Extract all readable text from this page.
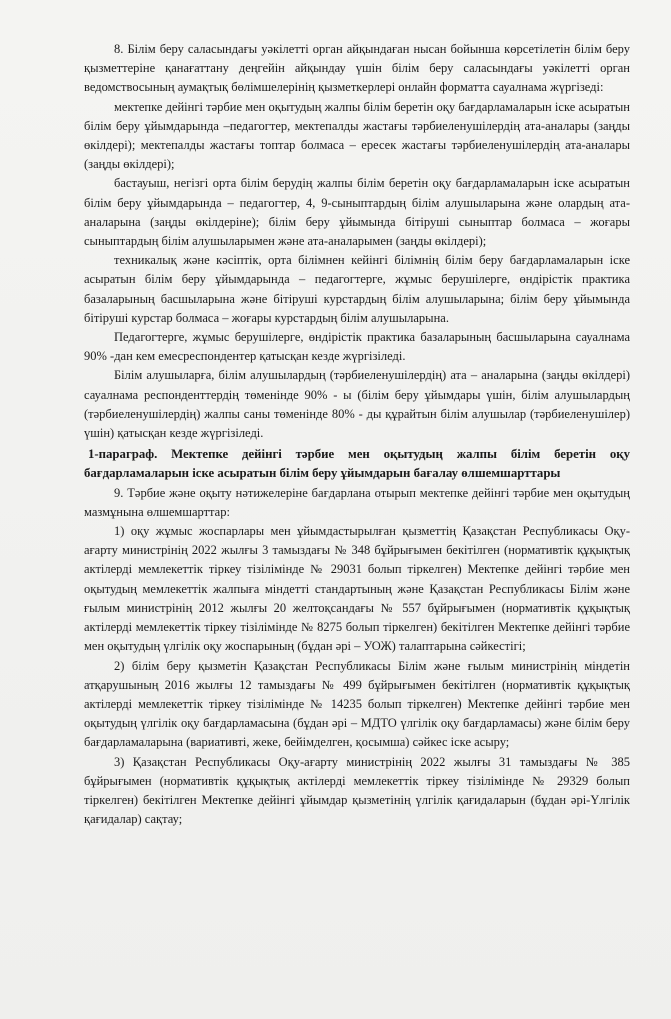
8. Білім беру саласындағы уәкілетті орган айқындаған нысан бойынша көрсетілетін білім беру қызметтеріне қанағаттану деңгейін айқындау үшін білім беру саласындағы уәкілетті орган ведомствосының аумақтық бөлімшелерінің қызметкерлері онлайн форматта сауалнама жүргізеді:

мектепке дейінгі тәрбие мен оқытудың жалпы білім беретін оқу бағдарламаларын іске асыратын білім беру ұйымдарында –педагогтер, мектепалды жастағы тәрбиеленушілердің ата-аналары (заңды өкілдері); мектепалды жастағы топтар болмаса – ересек жастағы тәрбиеленушілердің ата-аналары (заңды өкілдері);

бастауыш, негізгі орта білім берудің жалпы білім беретін оқу бағдарламаларын іске асыратын білім беру ұйымдарында – педагогтер, 4, 9-сыныптардың білім алушыларына және олардың ата-аналарына (заңды өкілдеріне); білім беру ұйымында бітіруші сыныптар болмаса – жоғары сыныптардың білім алушыларымен және ата-аналарымен (заңды өкілдері);

техникалық және кәсіптік, орта білімнен кейінгі білімнің білім беру бағдарламаларын іске асыратын білім беру ұйымдарында – педагогтерге, жұмыс берушілерге, өндірістік практика базаларының басшыларына және бітіруші курстардың білім алушыларына; білім беру ұйымында бітіруші курстар болмаса – жоғары курстардың білім алушыларына.

Педагогтерге, жұмыс берушілерге, өндірістік практика базаларының басшыларына сауалнама 90% -дан кем емесреспондентер қатысқан кезде жүргізіледі.

Білім алушыларға, білім алушылардың (тәрбиеленушілердің) ата – аналарына (заңды өкілдері) сауалнама респонденттердің төменінде 90% - ы (білім беру ұйымдары үшін, білім алушылардың (тәрбиеленушілердің) жалпы саны төменінде 80% - ды құрайтын білім алушылар (тәрбиеленушілер) үшін) қатысқан кезде жүргізіледі.

1-параграф. Мектепке дейінгі тәрбие мен оқытудың жалпы білім беретін оқу бағдарламаларын іске асыратын білім беру ұйымдарын бағалау өлшемшарттары

9. Тәрбие және оқыту нәтижелеріне бағдарлана отырып мектепке дейінгі тәрбие мен оқытудың мазмұнына өлшемшарттар:

1) оқу жұмыс жоспарлары мен ұйымдастырылған қызметтің Қазақстан Республикасы Оқу-ағарту министрінің 2022 жылғы 3 тамыздағы № 348 бұйрығымен бекітілген (нормативтік құқықтық актілерді мемлекеттік тіркеу тізілімінде № 29031 болып тіркелген) Мектепке дейінгі тәрбие мен оқытудың мемлекеттік жалпыға міндетті стандартының және Қазақстан Республикасы Білім және ғылым министрінің 2012 жылғы 20 желтоқсандағы № 557 бұйрығымен (нормативтік құқықтық актілерді мемлекеттік тіркеу тізілімінде № 8275 болып тіркелген) бекітілген Мектепке дейінгі тәрбие мен оқытудың үлгілік оқу жоспарының (бұдан әрі – УОЖ) талаптарына сәйкестігі;

2) білім беру қызметін Қазақстан Республикасы Білім және ғылым министрінің міндетін атқарушының 2016 жылғы 12 тамыздағы № 499 бұйрығымен бекітілген (нормативтік құқықтық актілерді мемлекеттік тіркеу тізілімінде № 14235 болып тіркелген) Мектепке дейінгі тәрбие мен оқытудың үлгілік оқу бағдарламасына (бұдан әрі – МДТО үлгілік оқу бағдарламасы) және білім беру бағдарламаларына (вариативті, жеке, бейімделген, қосымша) сәйкес іске асыру;

3) Қазақстан Республикасы Оқу-ағарту министрінің 2022 жылғы 31 тамыздағы № 385 бұйрығымен (нормативтік құқықтық актілерді мемлекеттік тіркеу тізілімінде № 29329 болып тіркелген) бекітілген Мектепке дейінгі ұйымдар қызметінің үлгілік қағидаларын (бұдан әрі-Үлгілік қағидалар) сақтау;
